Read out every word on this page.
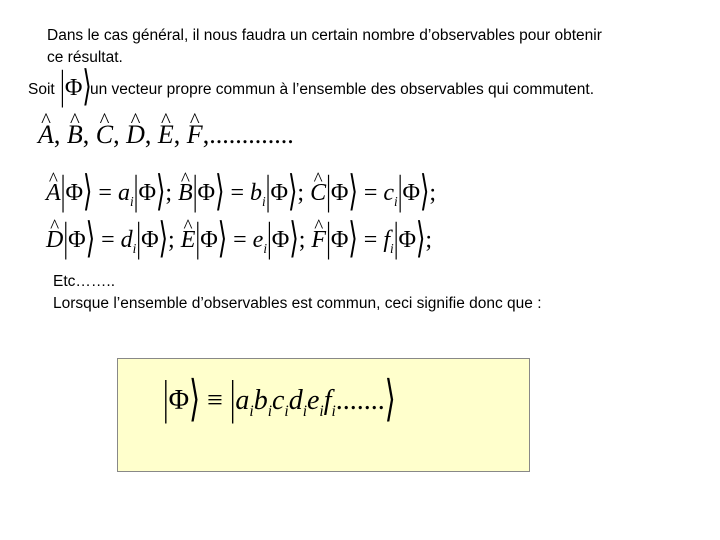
Dans le cas général, il nous faudra un certain nombre d’observables pour obtenir
ce résultat.
Soit |Φ⟩
un vecteur propre commun à l’ensemble des observables qui commutent.
^ A, ^ B, ^ C, ^ D, ^ E, ^ F,.............
^ A|Φ⟩ = $a_i|\Phi⟩$; ^ B|Φ⟩ = $b_i|\Phi⟩$; ^ C|Φ⟩ = $c_i|\Phi⟩$;
^ D|Φ⟩ = $d_i|\Phi⟩$; ^ E|Φ⟩ = $e_i|\Phi⟩$; ^ F|Φ⟩ = $f_i|\Phi⟩$;
Etc……..
Lorsque l’ensemble d’observables est commun, ceci signifie donc que :
|Φ⟩ ≡ $|a_ib_ic_id_ie_if_i.......⟩$
